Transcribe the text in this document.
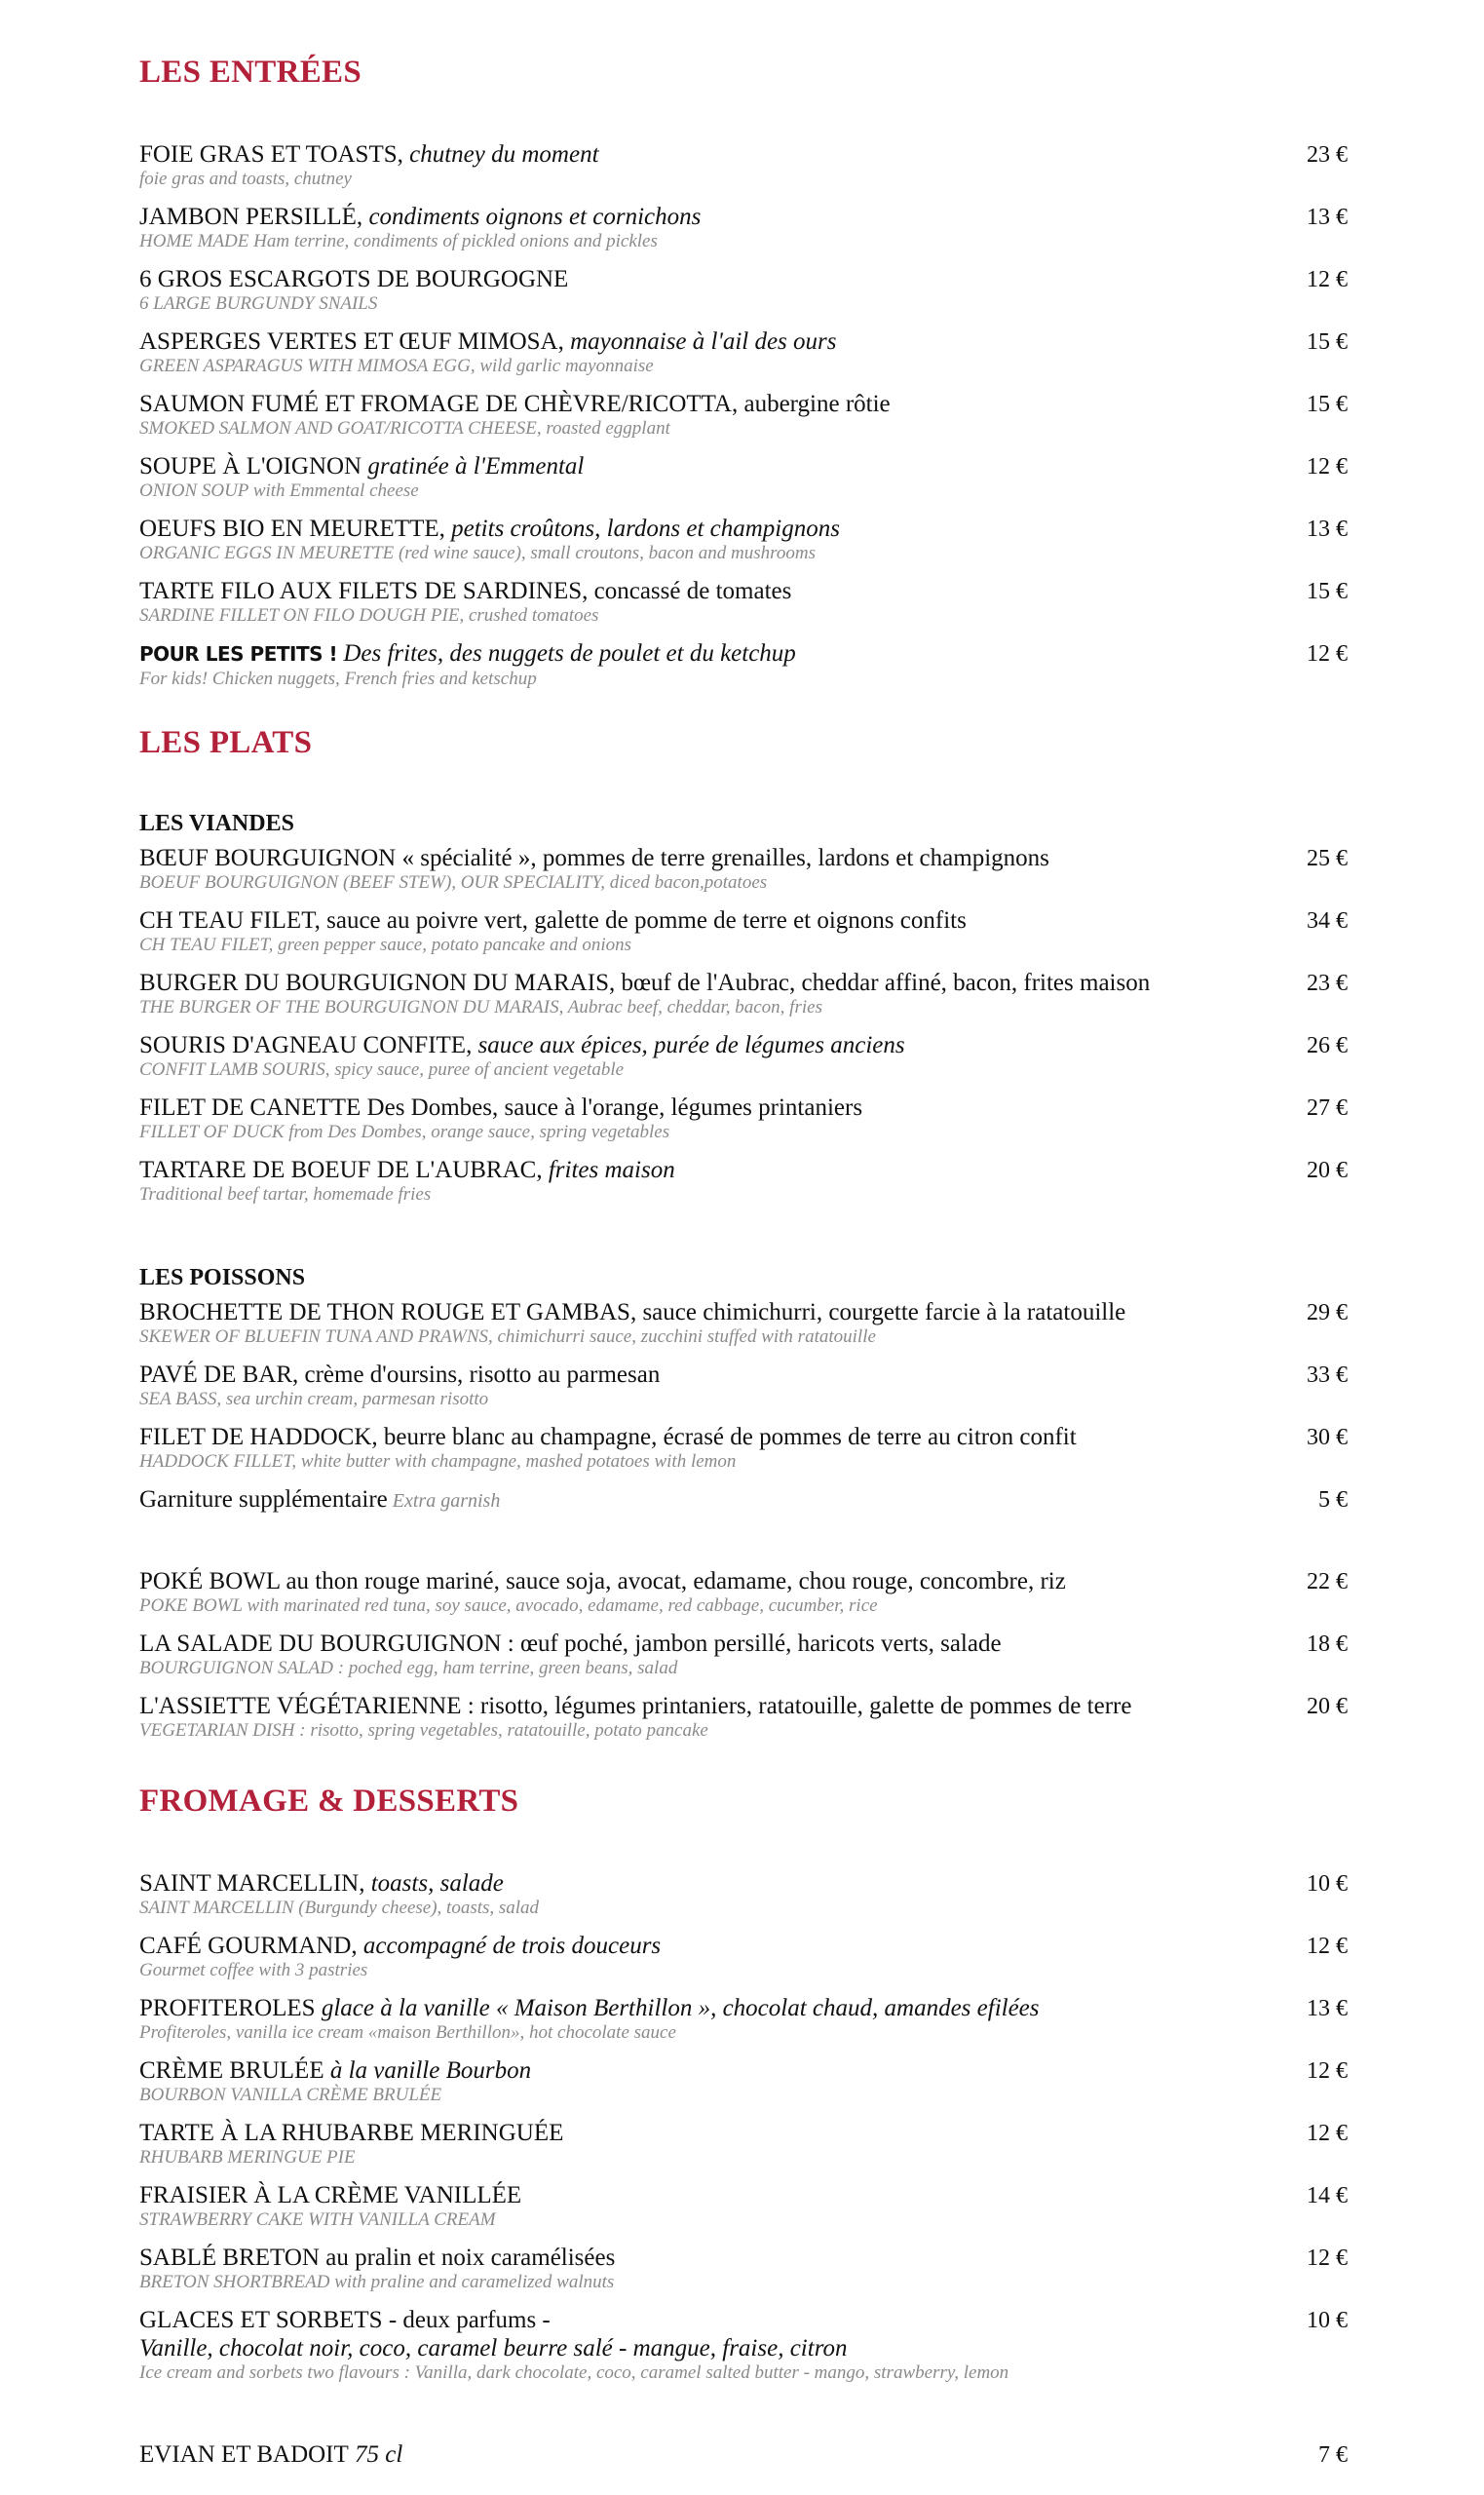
LES ENTRÉES
FOIE GRAS ET TOASTS, chutney du moment	23 €
foie gras and toasts, chutney
JAMBON PERSILLÉ, condiments oignons et cornichons	13 €
HOME MADE Ham terrine, condiments of pickled onions and pickles
6 GROS ESCARGOTS DE BOURGOGNE	12 €
6 LARGE BURGUNDY SNAILS
ASPERGES VERTES ET ŒUF MIMOSA, mayonnaise à l'ail des ours	15 €
GREEN ASPARAGUS WITH MIMOSA EGG, wild garlic mayonnaise
SAUMON FUMÉ ET FROMAGE DE CHÈVRE/RICOTTA, aubergine rôtie	15 €
SMOKED SALMON AND GOAT/RICOTTA CHEESE, roasted eggplant
SOUPE À L'OIGNON gratinée à l'Emmental	12 €
ONION SOUP with Emmental cheese
OEUFS BIO EN MEURETTE, petits croûtons, lardons et champignons	13 €
ORGANIC EGGS IN MEURETTE (red wine sauce), small croutons, bacon and mushrooms
TARTE FILO AUX FILETS DE SARDINES, concassé de tomates	15 €
SARDINE FILLET ON FILO DOUGH PIE, crushed tomatoes
POUR LES PETITS ! Des frites, des nuggets de poulet et du ketchup	12 €
For kids! Chicken nuggets, French fries and ketschup
LES PLATS
LES VIANDES
BŒUF BOURGUIGNON « spécialité », pommes de terre grenailles, lardons et champignons	25 €
BOEUF BOURGUIGNON (BEEF STEW), OUR SPECIALITY, diced bacon,potatoes
CH TEAU FILET, sauce au poivre vert, galette de pomme de terre et oignons confits	34 €
CH TEAU FILET, green pepper sauce, potato pancake and onions
BURGER DU BOURGUIGNON DU MARAIS, bœuf de l'Aubrac, cheddar affiné, bacon, frites maison	23 €
THE BURGER OF THE BOURGUIGNON DU MARAIS, Aubrac beef, cheddar, bacon, fries
SOURIS D'AGNEAU CONFITE, sauce aux épices, purée de légumes anciens	26 €
CONFIT LAMB SOURIS, spicy sauce, puree of ancient vegetable
FILET DE CANETTE Des Dombes, sauce à l'orange, légumes printaniers	27 €
FILLET OF DUCK from Des Dombes, orange sauce, spring vegetables
TARTARE DE BOEUF DE L'AUBRAC, frites maison	20 €
Traditional beef tartar, homemade fries
LES POISSONS
BROCHETTE DE THON ROUGE ET GAMBAS, sauce chimichurri, courgette farcie à la ratatouille	29 €
SKEWER OF BLUEFIN TUNA AND PRAWNS, chimichurri sauce, zucchini stuffed with ratatouille
PAVÉ DE BAR, crème d'oursins, risotto au parmesan	33 €
SEA BASS, sea urchin cream, parmesan risotto
FILET DE HADDOCK, beurre blanc au champagne, écrasé de pommes de terre au citron confit	30 €
HADDOCK FILLET, white butter with champagne, mashed potatoes with lemon
Garniture supplémentaire Extra garnish	5 €
POKÉ BOWL au thon rouge mariné, sauce soja, avocat, edamame, chou rouge, concombre, riz	22 €
POKE BOWL with marinated red tuna, soy sauce, avocado, edamame, red cabbage, cucumber, rice
LA SALADE DU BOURGUIGNON : œuf poché, jambon persillé, haricots verts, salade	18 €
BOURGUIGNON SALAD : poched egg, ham terrine, green beans, salad
L'ASSIETTE VÉGÉTARIENNE : risotto, légumes printaniers, ratatouille, galette de pommes de terre	20 €
VEGETARIAN DISH : risotto, spring vegetables, ratatouille, potato pancake
FROMAGE & DESSERTS
SAINT MARCELLIN, toasts, salade	10 €
SAINT MARCELLIN (Burgundy cheese), toasts, salad
CAFÉ GOURMAND, accompagné de trois douceurs	12 €
Gourmet coffee with 3 pastries
PROFITEROLES glace à la vanille « Maison Berthillon », chocolat chaud, amandes efilées	13 €
Profiteroles, vanilla ice cream «maison Berthillon», hot chocolate sauce
CRÈME BRULÉE à la vanille Bourbon	12 €
BOURBON VANILLA CRÈME BRULÉE
TARTE À LA RHUBARBE MERINGUÉE	12 €
RHUBARB MERINGUE PIE
FRAISIER À LA CRÈME VANILLÉE	14 €
STRAWBERRY CAKE WITH VANILLA CREAM
SABLÉ BRETON au pralin et noix caramélisées	12 €
BRETON SHORTBREAD with praline and caramelized walnuts
GLACES ET SORBETS - deux parfums -	10 €
Vanille, chocolat noir, coco, caramel beurre salé - mangue, fraise, citron
Ice cream and sorbets two flavours : Vanilla, dark chocolate, coco, caramel salted butter - mango, strawberry, lemon
EVIAN ET BADOIT 75 cl	7 €
